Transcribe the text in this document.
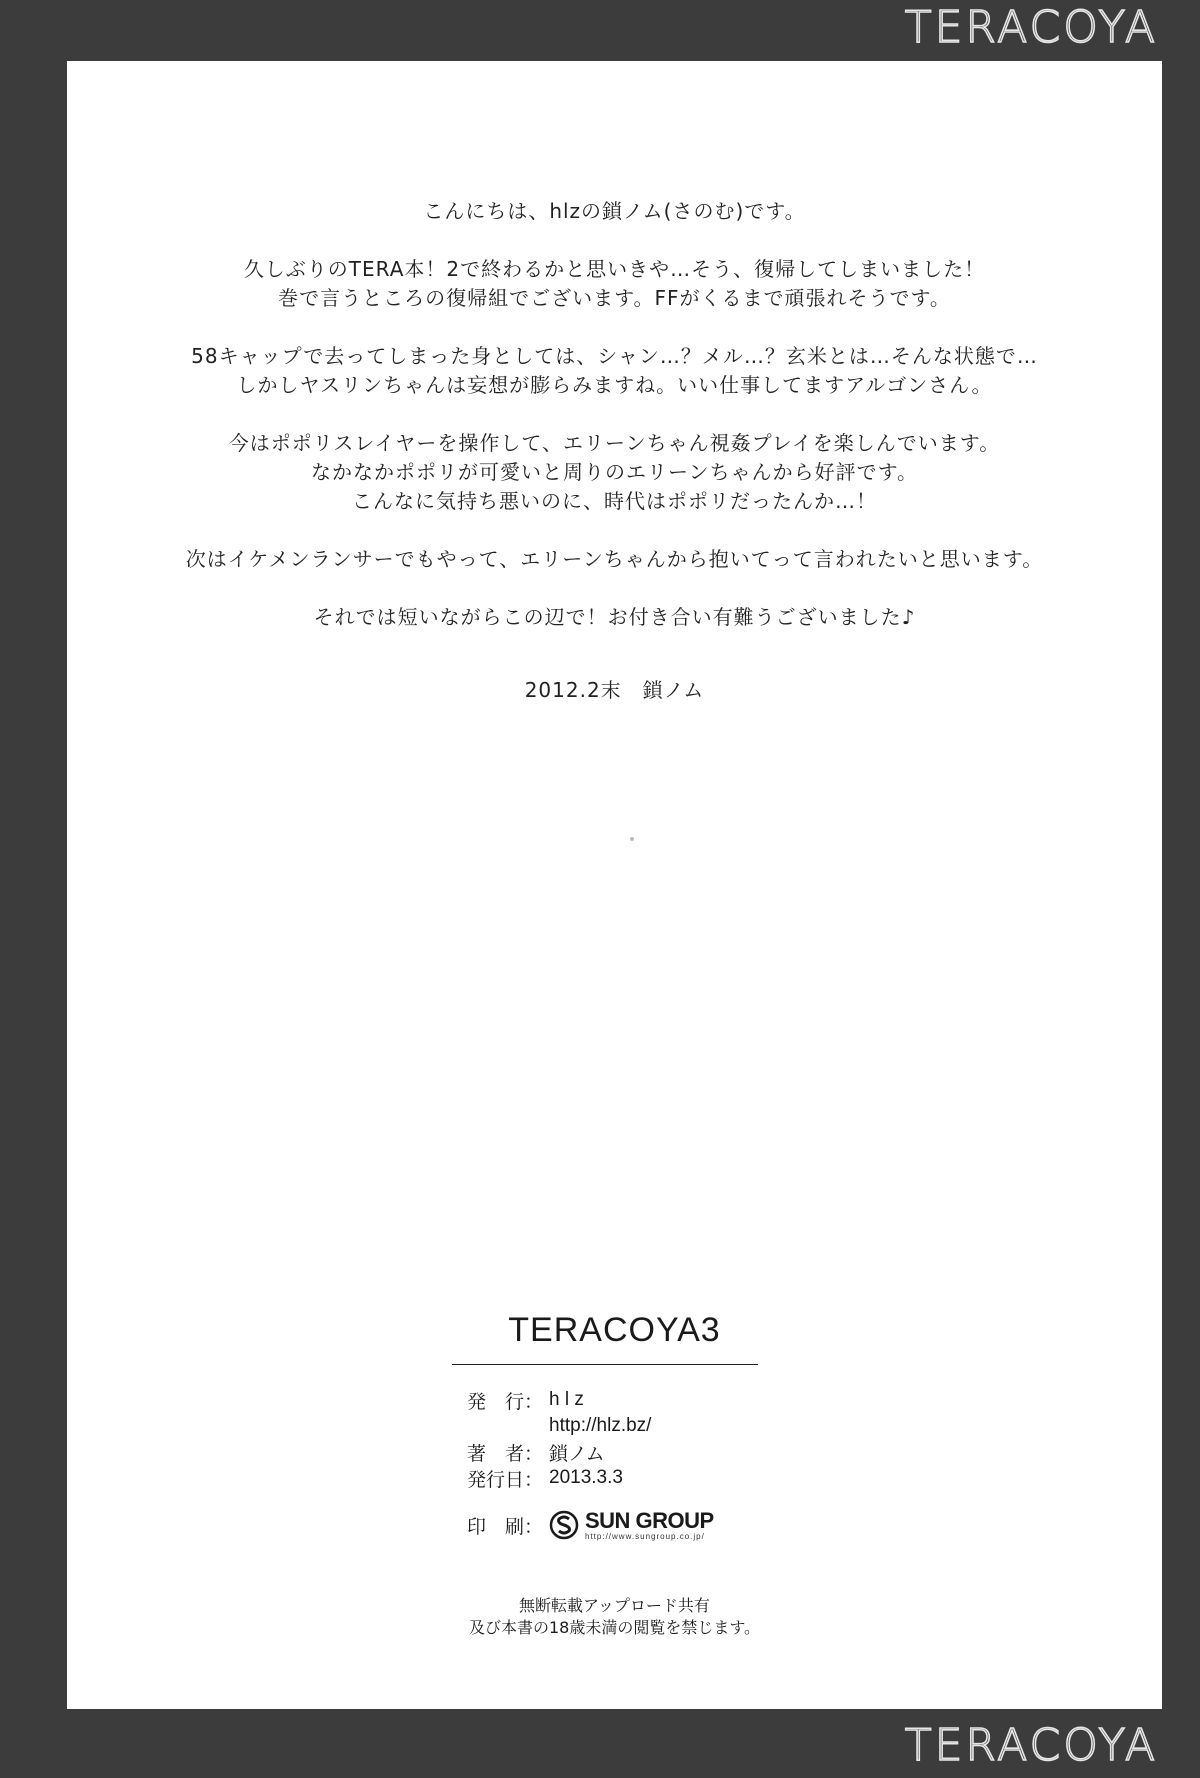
TERACOYA
こんにちは、hlzの鎖ノム(さのむ)です。
久しぶりのTERA本！2で終わるかと思いきや…そう、復帰してしまいました！
巻で言うところの復帰組でございます。FFがくるまで頑張れそうです。
58キャップで去ってしまった身としては、シャン…？メル…？玄米とは…そんな状態で…
しかしヤスリンちゃんは妄想が膨らみますね。いい仕事してますアルゴンさん。
今はポポリスレイヤーを操作して、エリーンちゃん視姦プレイを楽しんでいます。
なかなかポポリが可愛いと周りのエリーンちゃんから好評です。
こんなに気持ち悪いのに、時代はポポリだったんか…！
次はイケメンランサーでもやって、エリーンちゃんから抱いてって言われたいと思います。
それでは短いながらこの辺で！お付き合い有難うございました♪
2012.2末　鎖ノム
TERACOYA3
発　行： h l z
http://hlz.bz/
著　者： 鎖ノム
発行日： 2013.3.3
印　刷： SUN GROUP
http://www.sungroup.co.jp/
無断転載アップロード共有
及び本書の18歳未満の閲覧を禁じます。
TERACOYA
